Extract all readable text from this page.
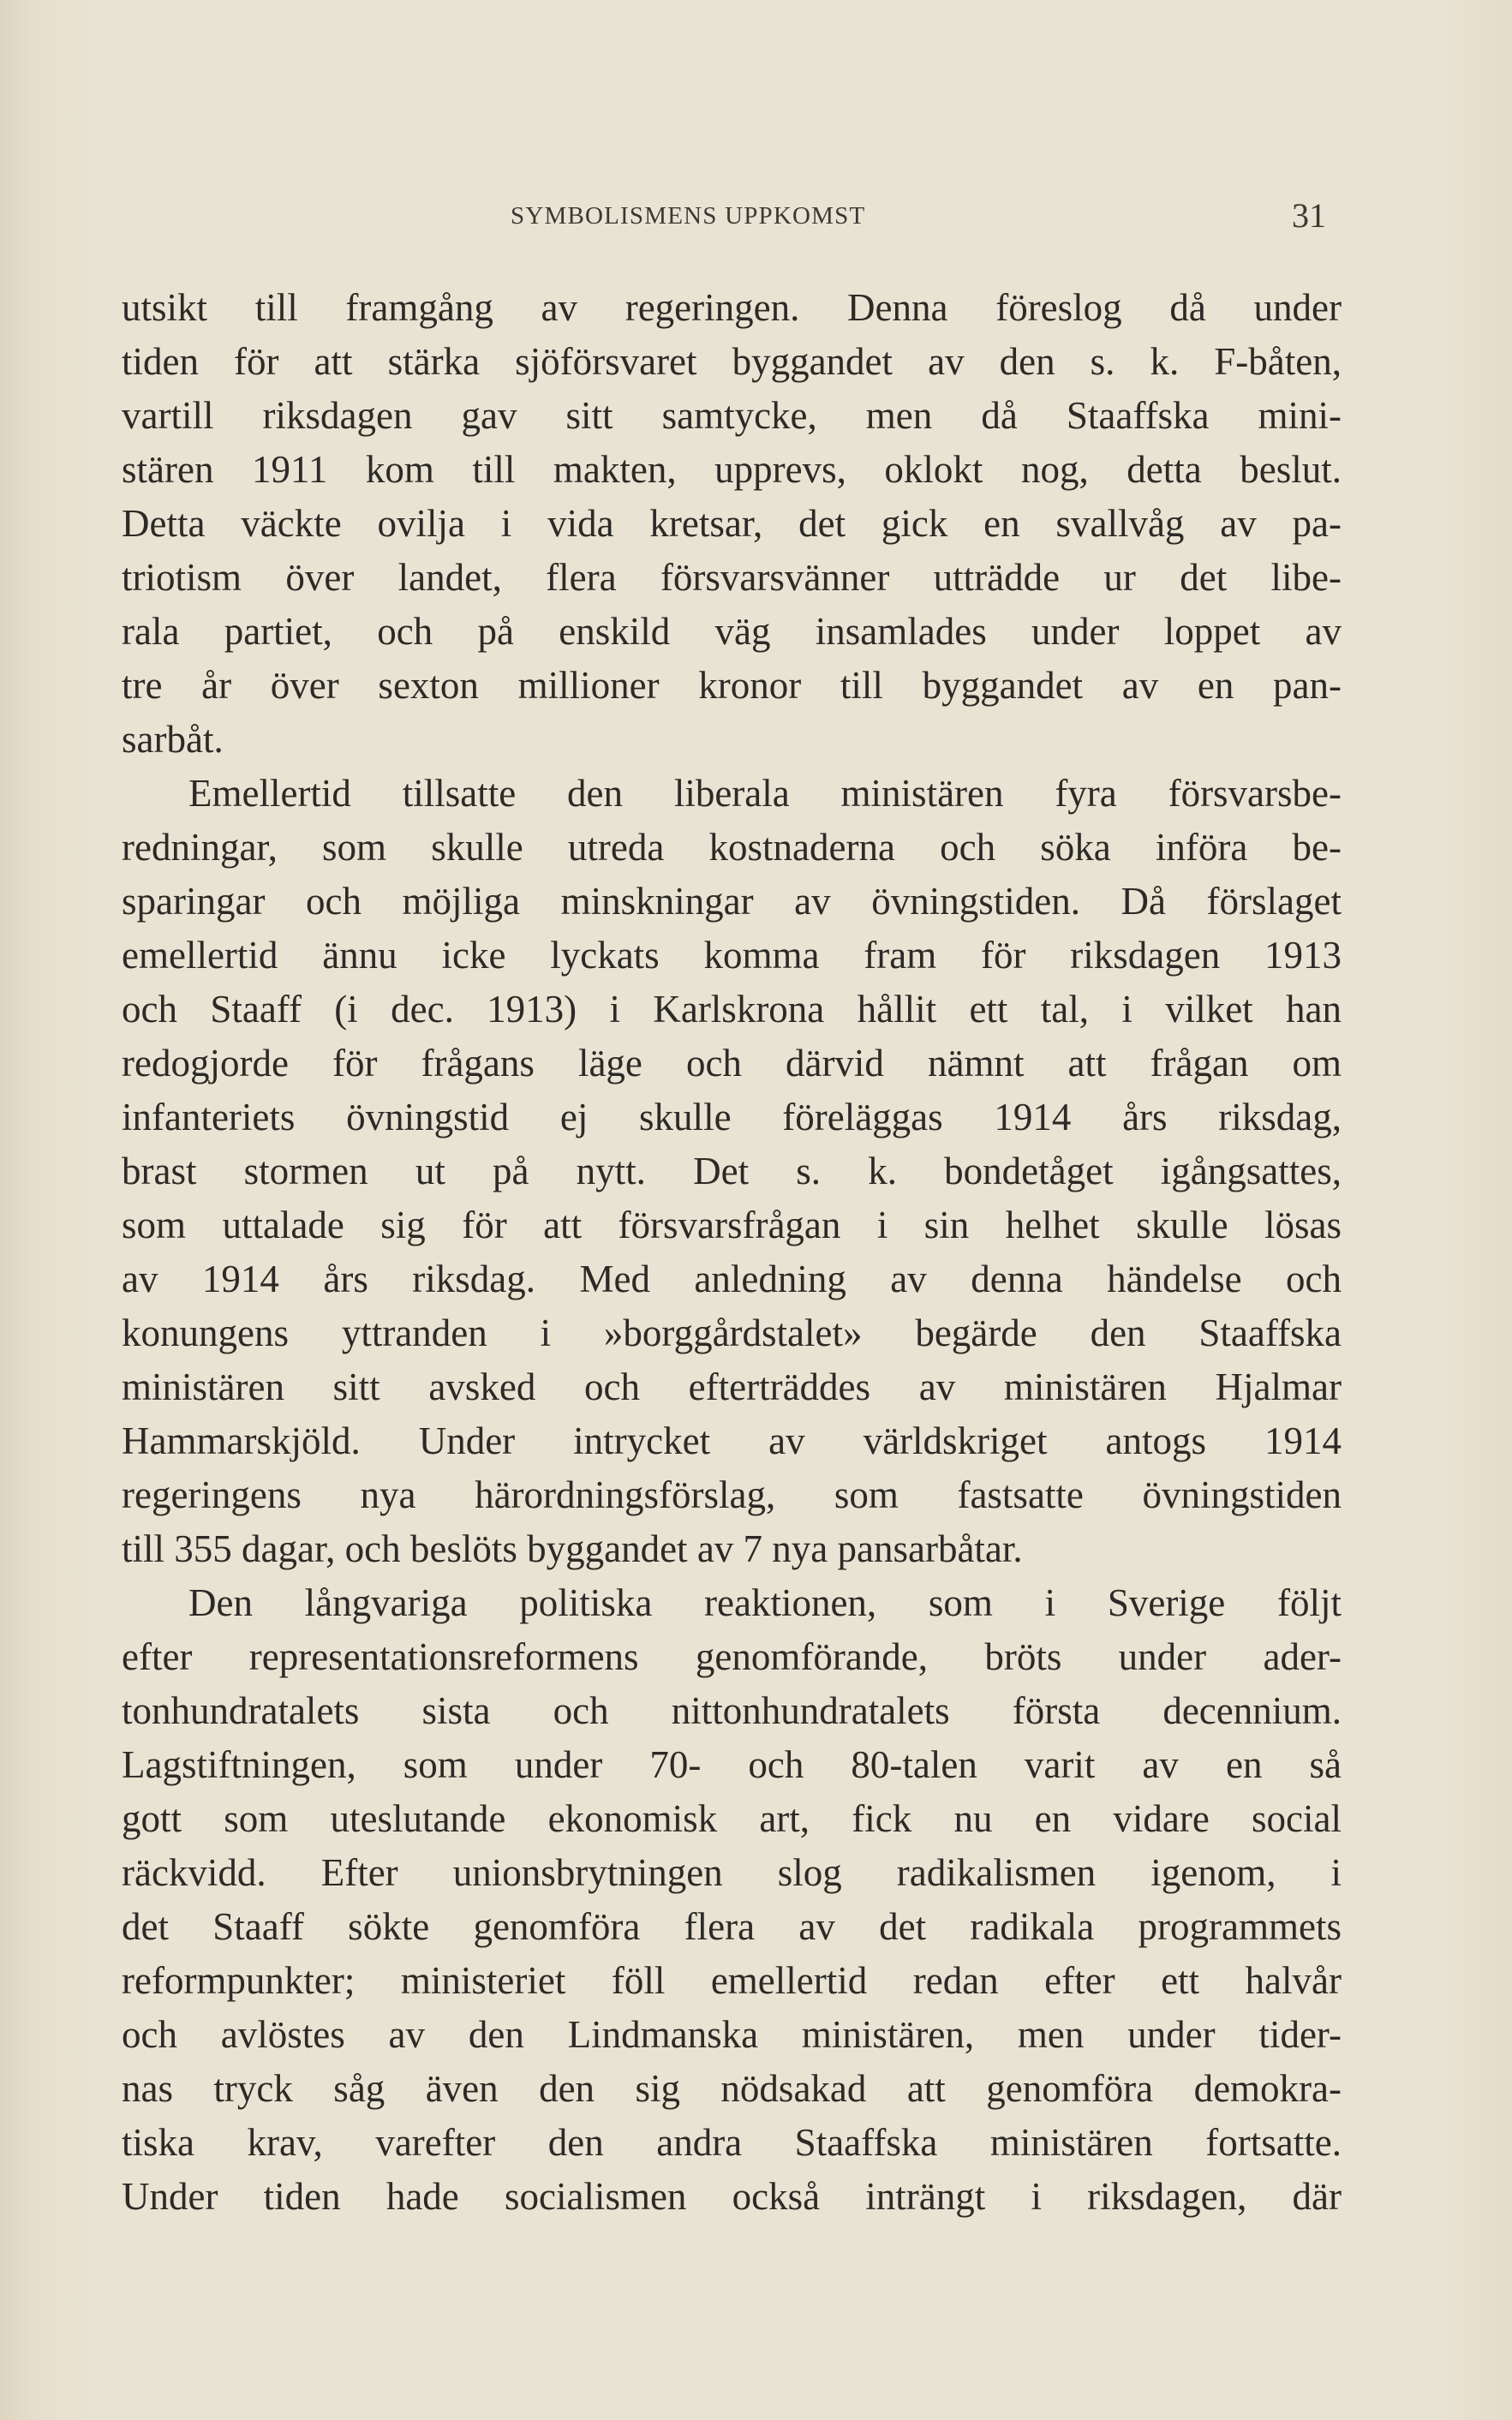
SYMBOLISMENS UPPKOMST	31
utsikt till framgång av regeringen. Denna föreslog då under
tiden för att stärka sjöförsvaret byggandet av den s. k. F-båten,
vartill riksdagen gav sitt samtycke, men då Staaffska mini-
stären 1911 kom till makten, upprevs, oklokt nog, detta beslut.
Detta väckte ovilja i vida kretsar, det gick en svallvåg av pa-
triotism över landet, flera försvarsvänner utträdde ur det libe-
rala partiet, och på enskild väg insamlades under loppet av
tre år över sexton millioner kronor till byggandet av en pan-
sarbåt.
Emellertid tillsatte den liberala ministären fyra försvarsbe-
redningar, som skulle utreda kostnaderna och söka införa be-
sparingar och möjliga minskningar av övningstiden. Då förslaget
emellertid ännu icke lyckats komma fram för riksdagen 1913
och Staaff (i dec. 1913) i Karlskrona hållit ett tal, i vilket han
redogjorde för frågans läge och därvid nämnt att frågan om
infanteriets övningstid ej skulle föreläggas 1914 års riksdag,
brast stormen ut på nytt. Det s. k. bondetåget igångsattes,
som uttalade sig för att försvarsfrågan i sin helhet skulle lösas
av 1914 års riksdag. Med anledning av denna händelse och
konungens yttranden i »borggårdstalet» begärde den Staaffska
ministären sitt avsked och efterträddes av ministären Hjalmar
Hammarskjöld. Under intrycket av världskriget antogs 1914
regeringens nya härordningsförslag, som fastsatte övningstiden
till 355 dagar, och beslöts byggandet av 7 nya pansarbåtar.
Den långvariga politiska reaktionen, som i Sverige följt
efter representationsreformens genomförande, bröts under ader-
tonhundratalets sista och nittonhundratalets första decennium.
Lagstiftningen, som under 70- och 80-talen varit av en så
gott som uteslutande ekonomisk art, fick nu en vidare social
räckvidd. Efter unionsbrytningen slog radikalismen igenom, i
det Staaff sökte genomföra flera av det radikala programmets
reformpunkter; ministeriet föll emellertid redan efter ett halvår
och avlöstes av den Lindmanska ministären, men under tider-
nas tryck såg även den sig nödsakad att genomföra demokra-
tiska krav, varefter den andra Staaffska ministären fortsatte.
Under tiden hade socialismen också inträngt i riksdagen, där
